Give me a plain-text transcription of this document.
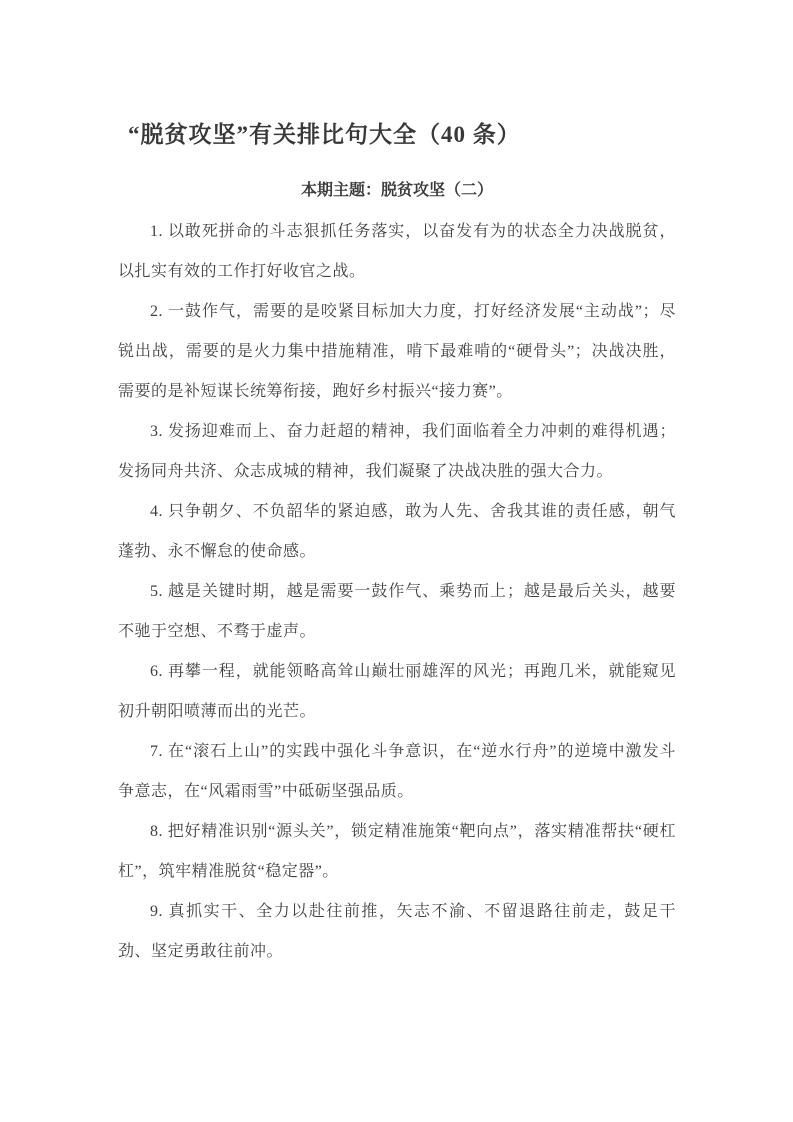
“脱贫攻坚”有关排比句大全（40 条）
本期主题：脱贫攻坚（二）

1. 以敢死拼命的斗志狠抓任务落实，以奋发有为的状态全力决战脱贫，以扎实有效的工作打好收官之战。

2. 一鼓作气，需要的是咬紧目标加大力度，打好经济发展“主动战”；尽锐出战，需要的是火力集中措施精准，啃下最难啃的“硬骨头”；决战决胜，需要的是补短谋长统筹衔接，跑好乡村振兴“接力赛”。

3. 发扬迎难而上、奋力赶超的精神，我们面临着全力冲刺的难得机遇；发扬同舟共济、众志成城的精神，我们凝聚了决战决胜的强大合力。

4. 只争朝夕、不负韶华的紧迫感，敢为人先、舍我其谁的责任感，朝气蓬勃、永不懈怠的使命感。

5. 越是关键时期，越是需要一鼓作气、乘势而上；越是最后关头，越要不驰于空想、不骛于虚声。

6. 再攀一程，就能领略高耸山巅壮丽雄浑的风光；再跑几米，就能窥见初升朝阳喷薄而出的光芒。

7. 在“滚石上山”的实践中强化斗争意识，在“逆水行舟”的逆境中激发斗争意志，在“风霜雨雪”中砥砺坚强品质。

8. 把好精准识别“源头关”，锁定精准施策“靶向点”，落实精准帮扶“硬杠杠”，筑牢精准脱贫“稳定器”。

9. 真抓实干、全力以赴往前推，矢志不渝、不留退路往前走，鼓足干劲、坚定勇敢往前冲。
